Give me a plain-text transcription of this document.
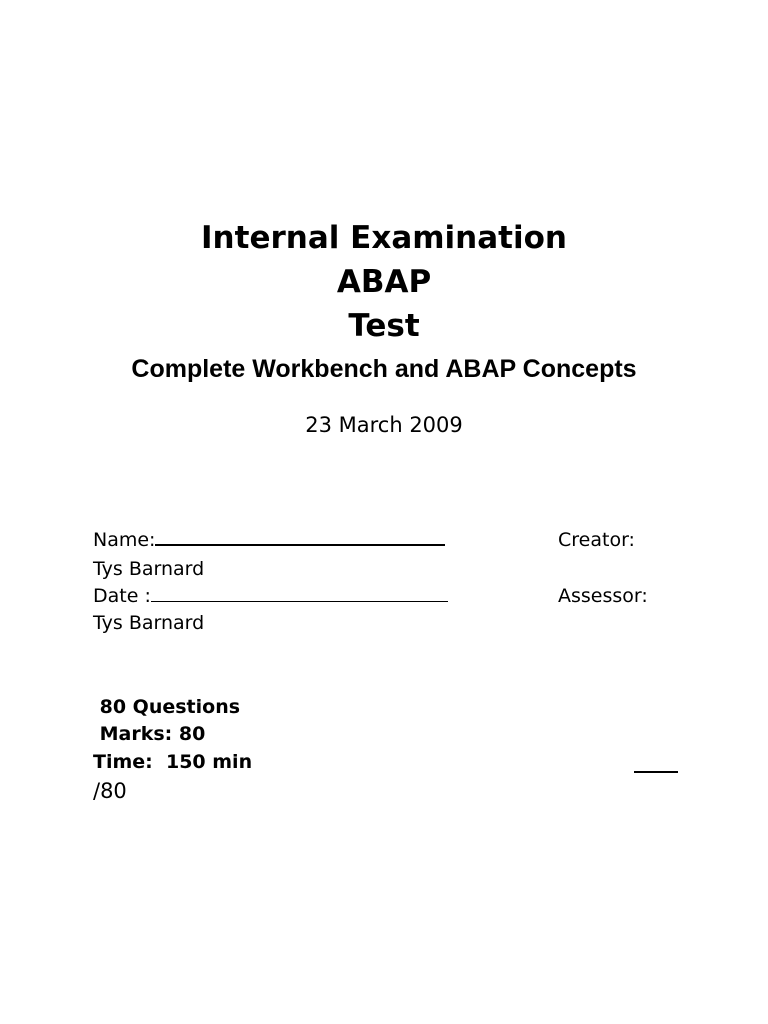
Internal Examination
ABAP
Test
Complete Workbench and ABAP Concepts
23 March 2009
Name:	Creator:
Tys Barnard
Date :	Assessor:
Tys Barnard
80 Questions
Marks: 80
Time:  150 min
/80
